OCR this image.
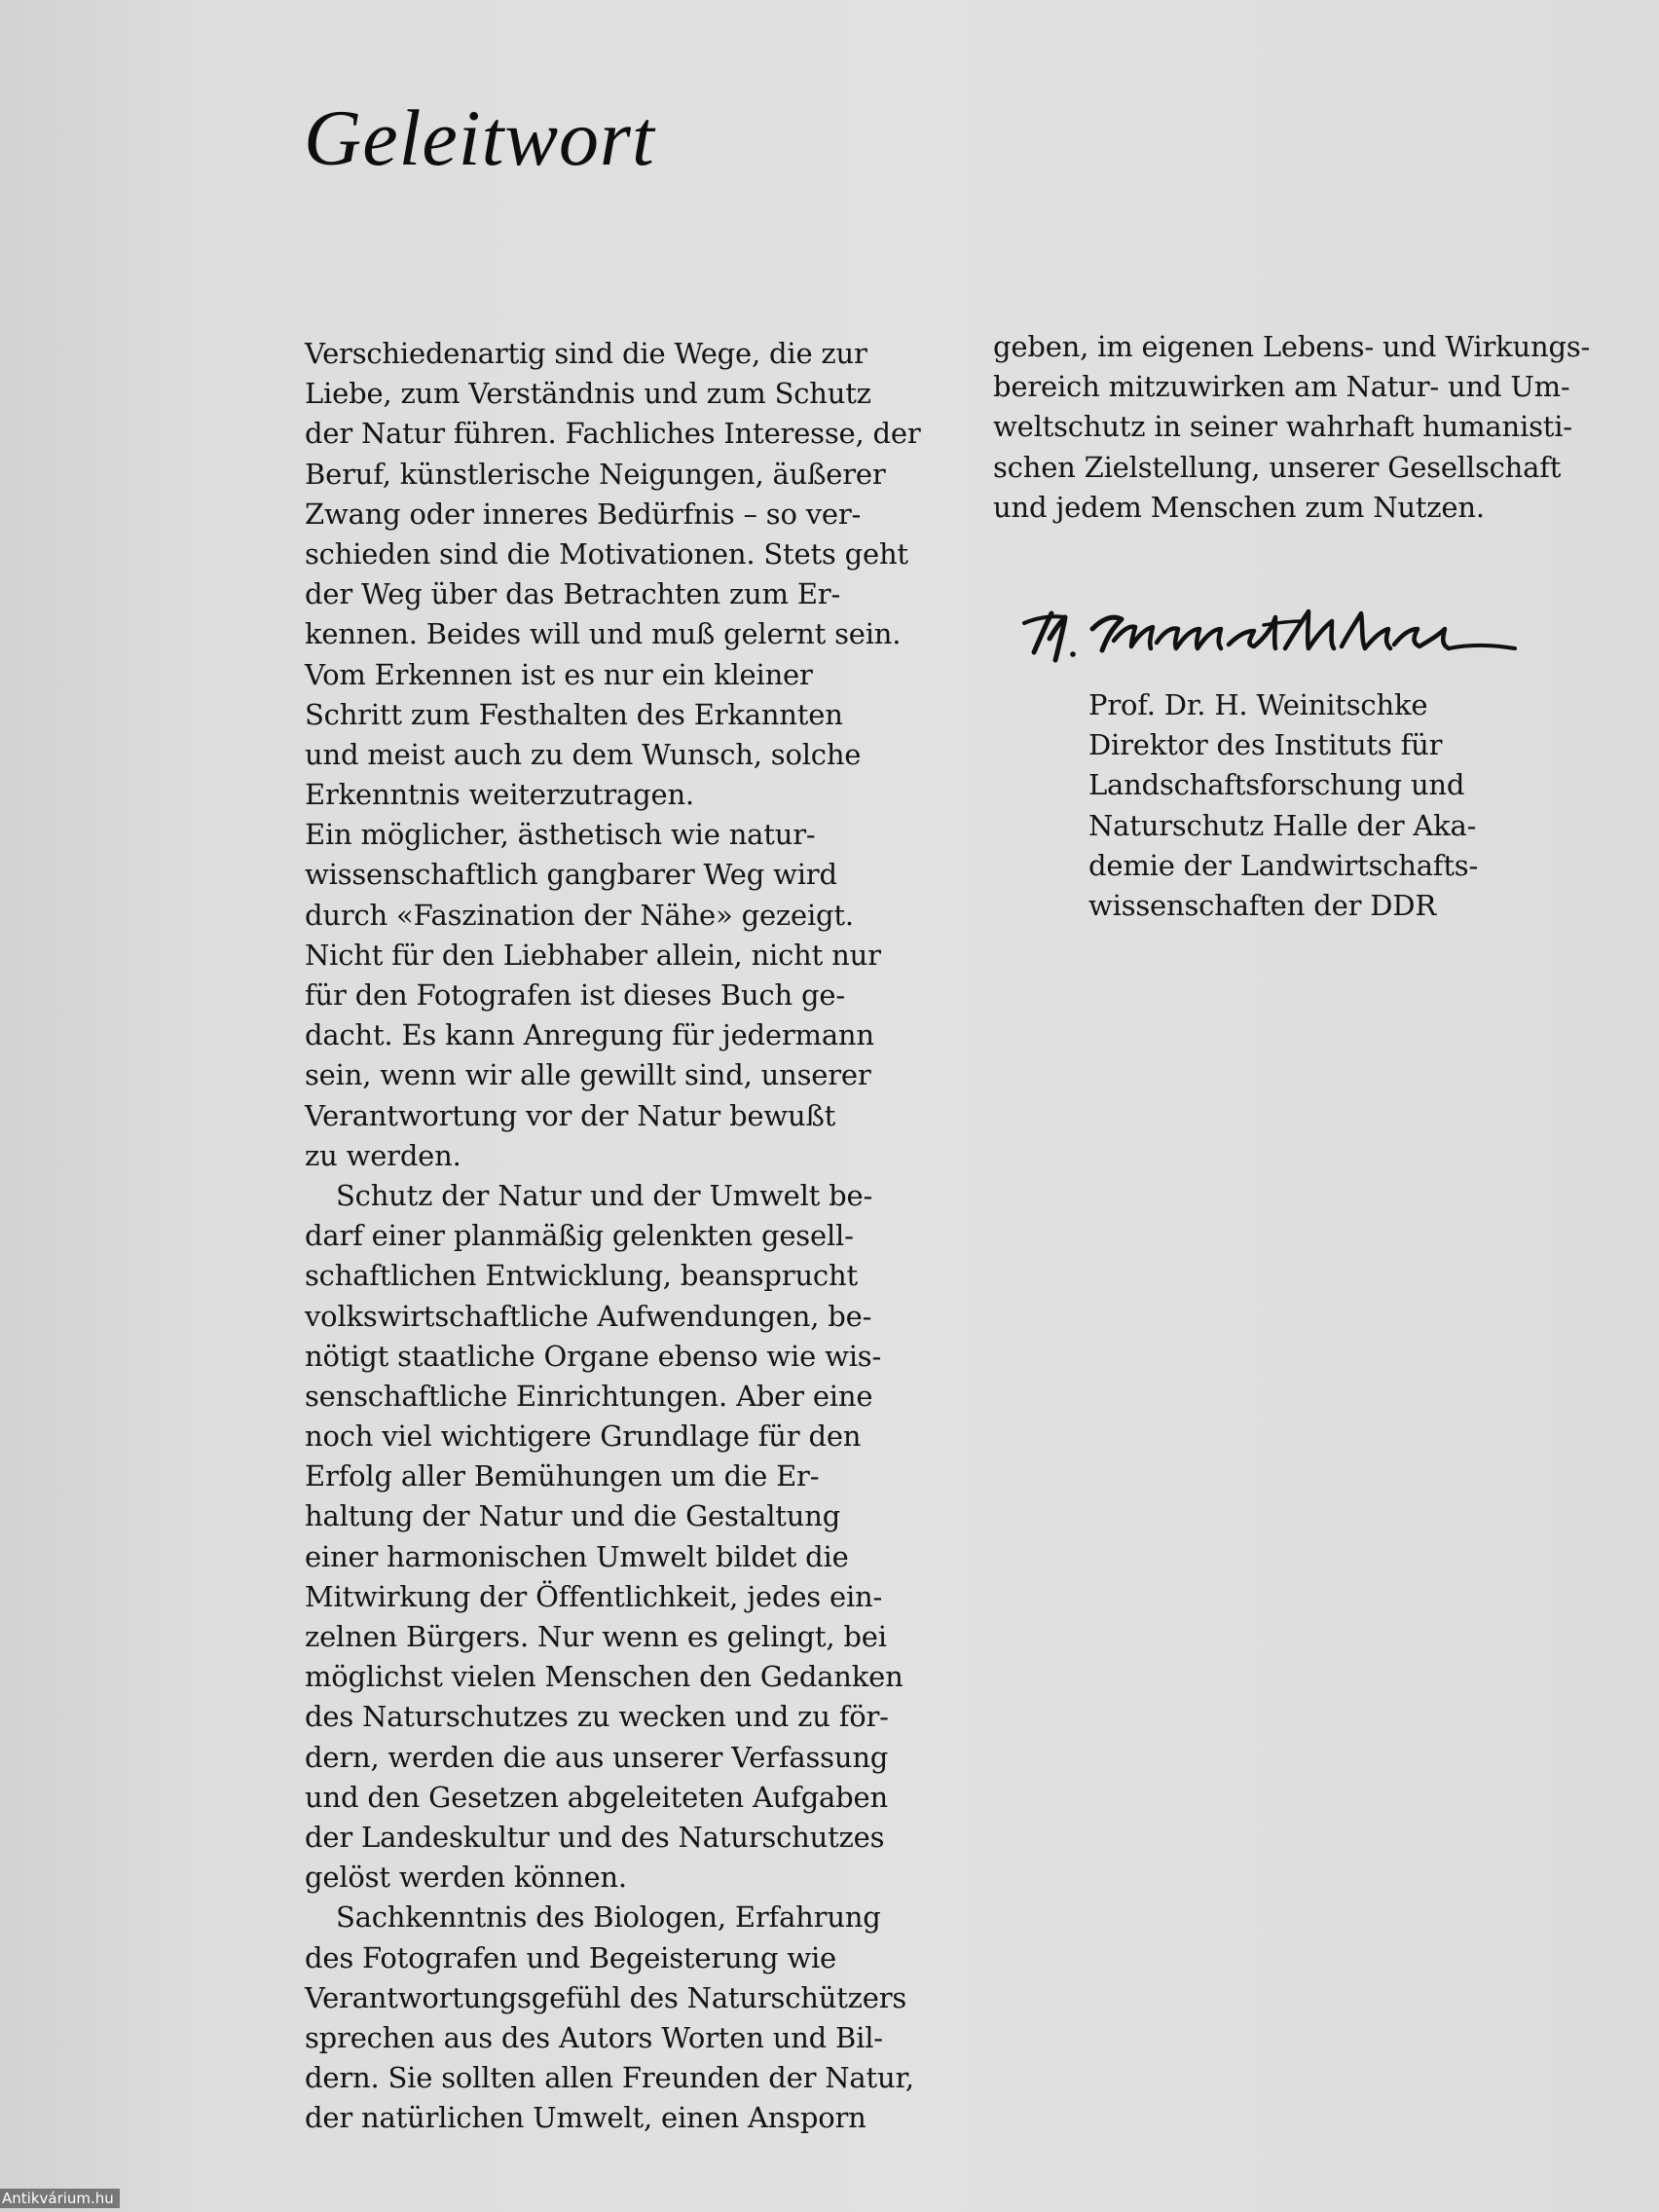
Geleitwort
Verschiedenartig sind die Wege, die zur
Liebe, zum Verständnis und zum Schutz
der Natur führen. Fachliches Interesse, der
Beruf, künstlerische Neigungen, äußerer
Zwang oder inneres Bedürfnis – so ver-
schieden sind die Motivationen. Stets geht
der Weg über das Betrachten zum Er-
kennen. Beides will und muß gelernt sein.
Vom Erkennen ist es nur ein kleiner
Schritt zum Festhalten des Erkannten
und meist auch zu dem Wunsch, solche
Erkenntnis weiterzutragen.
Ein möglicher, ästhetisch wie natur-
wissenschaftlich gangbarer Weg wird
durch «Faszination der Nähe» gezeigt.
Nicht für den Liebhaber allein, nicht nur
für den Fotografen ist dieses Buch ge-
dacht. Es kann Anregung für jedermann
sein, wenn wir alle gewillt sind, unserer
Verantwortung vor der Natur bewußt
zu werden.
Schutz der Natur und der Umwelt be-
darf einer planmäßig gelenkten gesell-
schaftlichen Entwicklung, beansprucht
volkswirtschaftliche Aufwendungen, be-
nötigt staatliche Organe ebenso wie wis-
senschaftliche Einrichtungen. Aber eine
noch viel wichtigere Grundlage für den
Erfolg aller Bemühungen um die Er-
haltung der Natur und die Gestaltung
einer harmonischen Umwelt bildet die
Mitwirkung der Öffentlichkeit, jedes ein-
zelnen Bürgers. Nur wenn es gelingt, bei
möglichst vielen Menschen den Gedanken
des Naturschutzes zu wecken und zu för-
dern, werden die aus unserer Verfassung
und den Gesetzen abgeleiteten Aufgaben
der Landeskultur und des Naturschutzes
gelöst werden können.
Sachkenntnis des Biologen, Erfahrung
des Fotografen und Begeisterung wie
Verantwortungsgefühl des Naturschützers
sprechen aus des Autors Worten und Bil-
dern. Sie sollten allen Freunden der Natur,
der natürlichen Umwelt, einen Ansporn
geben, im eigenen Lebens- und Wirkungs-
bereich mitzuwirken am Natur- und Um-
weltschutz in seiner wahrhaft humanisti-
schen Zielstellung, unserer Gesellschaft
und jedem Menschen zum Nutzen.
Prof. Dr. H. Weinitschke
Direktor des Instituts für
Landschaftsforschung und
Naturschutz Halle der Aka-
demie der Landwirtschafts-
wissenschaften der DDR
Antikvárium.hu
